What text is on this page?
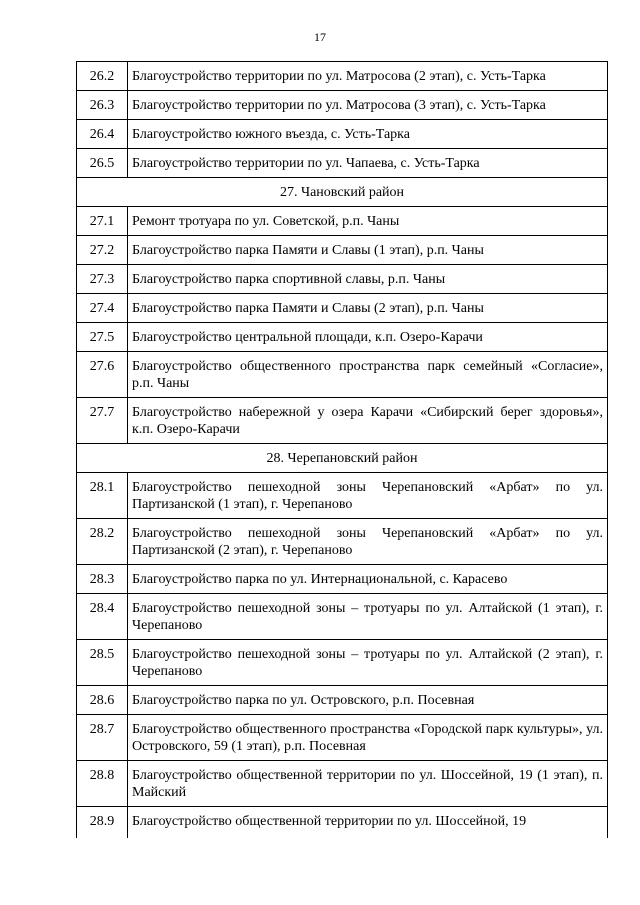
17
26.2	Благоустройство территории по ул. Матросова (2 этап), с. Усть-Тарка
26.3	Благоустройство территории по ул. Матросова (3 этап), с. Усть-Тарка
26.4	Благоустройство южного въезда, с. Усть-Тарка
26.5	Благоустройство территории по ул. Чапаева, с. Усть-Тарка
27. Чановский район	
27.1	Ремонт тротуара по ул. Советской, р.п. Чаны
27.2	Благоустройство парка Памяти и Славы (1 этап), р.п. Чаны
27.3	Благоустройство парка спортивной славы, р.п. Чаны
27.4	Благоустройство парка Памяти и Славы (2 этап), р.п. Чаны
27.5	Благоустройство центральной площади, к.п. Озеро-Карачи
27.6	Благоустройство общественного пространства парк семейный «Согласие», р.п. Чаны
27.7	Благоустройство набережной у озера Карачи «Сибирский берег здоровья», к.п. Озеро-Карачи
28. Черепановский район	
28.1	Благоустройство пешеходной зоны Черепановский «Арбат» по ул. Партизанской (1 этап), г. Черепаново
28.2	Благоустройство пешеходной зоны Черепановский «Арбат» по ул. Партизанской (2 этап), г. Черепаново
28.3	Благоустройство парка по ул. Интернациональной, с. Карасево
28.4	Благоустройство пешеходной зоны – тротуары по ул. Алтайской (1 этап), г. Черепаново
28.5	Благоустройство пешеходной зоны – тротуары по ул. Алтайской (2 этап), г. Черепаново
28.6	Благоустройство парка по ул. Островского, р.п. Посевная
28.7	Благоустройство общественного пространства «Городской парк культуры», ул. Островского, 59 (1 этап), р.п. Посевная
28.8	Благоустройство общественной территории по ул. Шоссейной, 19 (1 этап), п. Майский
28.9	Благоустройство общественной территории по ул. Шоссейной, 19
